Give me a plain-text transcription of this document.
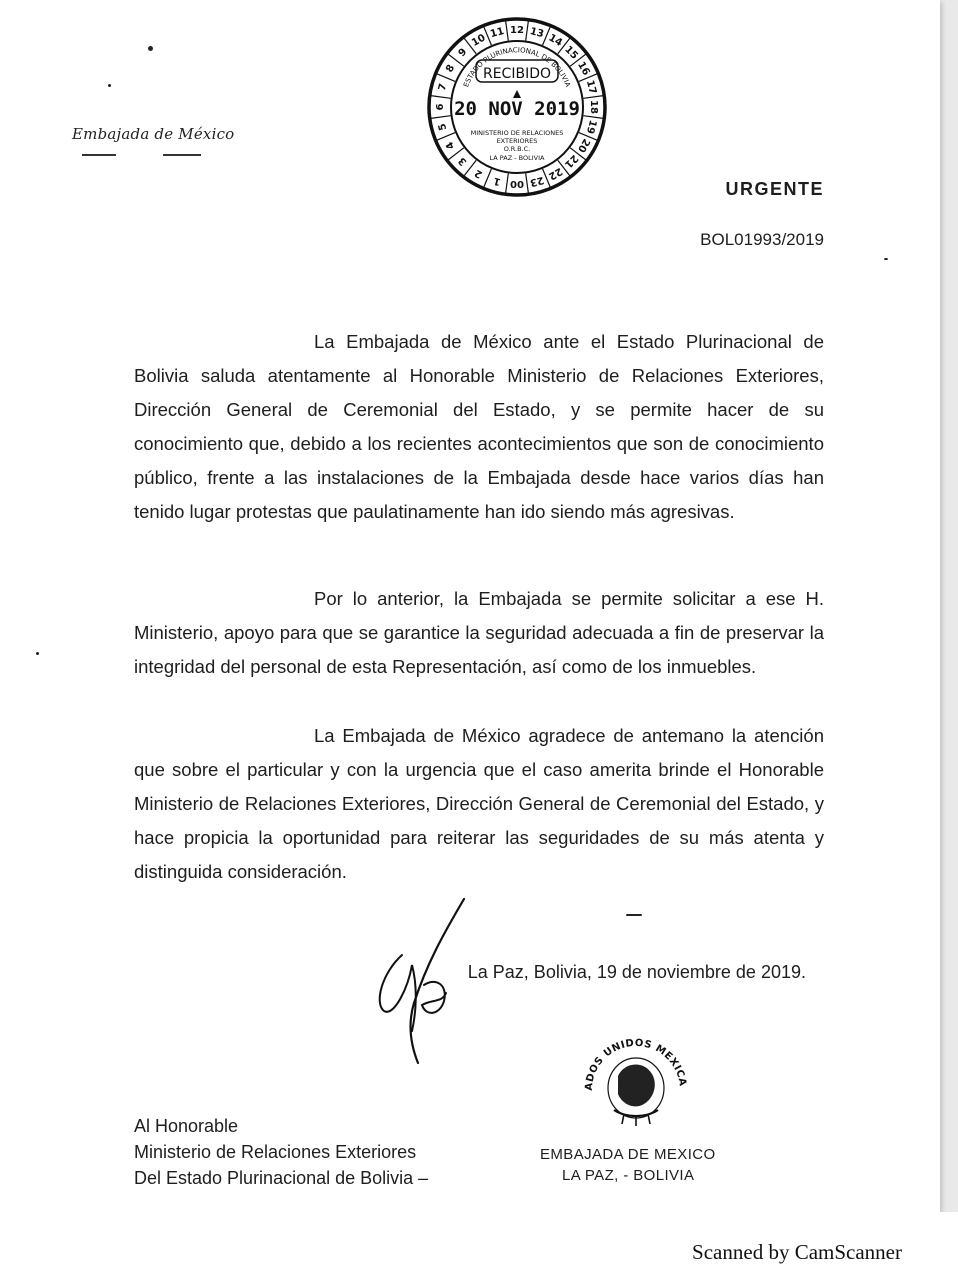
Embajada de México
10 11 12 13 14
15
16
17
18
19
20
21
22
23
00
1
2
3
4
5
6
7
8
9
ESTADO PLURINACIONAL DE BOLIVIA
RECIBIDO
20 NOV 2019
MINISTERIO DE RELACIONES
EXTERIORES
O.R.B.C.
LA PAZ - BOLIVIA
URGENTE
BOL01993/2019

La Embajada de México ante el Estado Plurinacional de Bolivia saluda atentamente al Honorable Ministerio de Relaciones Exteriores, Dirección General de Ceremonial del Estado, y se permite hacer de su conocimiento que, debido a los recientes acontecimientos que son de conocimiento público, frente a las instalaciones de la Embajada desde hace varios días han tenido lugar protestas que paulatinamente han ido siendo más agresivas.

Por lo anterior, la Embajada se permite solicitar a ese H. Ministerio, apoyo para que se garantice la seguridad adecuada a fin de preservar la integridad del personal de esta Representación, así como de los inmuebles.

La Embajada de México agradece de antemano la atención que sobre el particular y con la urgencia que el caso amerita brinde el Honorable Ministerio de Relaciones Exteriores, Dirección General de Ceremonial del Estado, y hace propicia la oportunidad para reiterar las seguridades de su más atenta y distinguida consideración.

La Paz, Bolivia, 19 de noviembre de 2019.
ADOS UNIDOS MEXICA
Al Honorable
Ministerio de Relaciones Exteriores
Del Estado Plurinacional de Bolivia –
EMBAJADA DE MEXICO
LA PAZ, - BOLIVIA
Scanned by CamScanner
